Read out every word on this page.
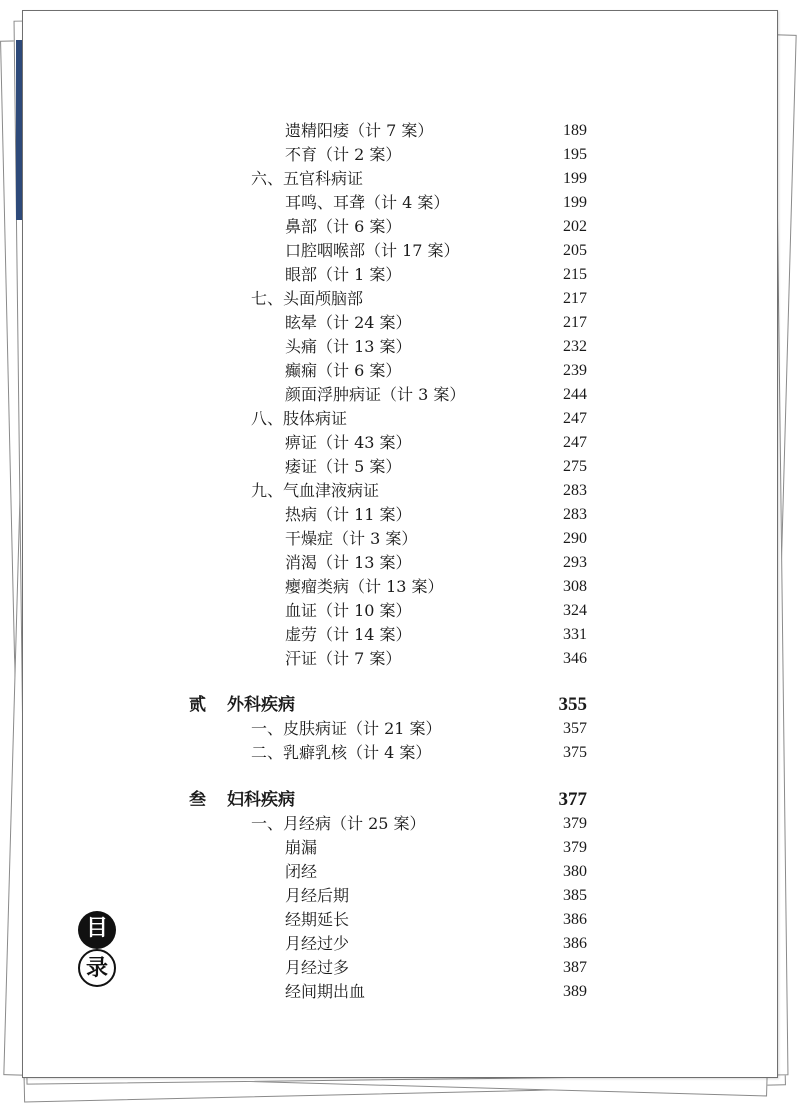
遗精阳痿（计 7 案）	189
不育（计 2 案）	195
六、五官科病证	199
耳鸣、耳聋（计 4 案）	199
鼻部（计 6 案）	202
口腔咽喉部（计 17 案）	205
眼部（计 1 案）	215
七、头面颅脑部	217
眩晕（计 24 案）	217
头痛（计 13 案）	232
癫痫（计 6 案）	239
颜面浮肿病证（计 3 案）	244
八、肢体病证	247
痹证（计 43 案）	247
痿证（计 5 案）	275
九、气血津液病证	283
热病（计 11 案）	283
干燥症（计 3 案）	290
消渴（计 13 案）	293
瘿瘤类病（计 13 案）	308
血证（计 10 案）	324
虚劳（计 14 案）	331
汗证（计 7 案）	346
贰 外科疾病	355
一、皮肤病证（计 21 案）	357
二、乳癖乳核（计 4 案）	375
叁 妇科疾病	377
一、月经病（计 25 案）	379
崩漏	379
闭经	380
月经后期	385
经期延长	386
月经过少	386
月经过多	387
经间期出血	389
目
录
